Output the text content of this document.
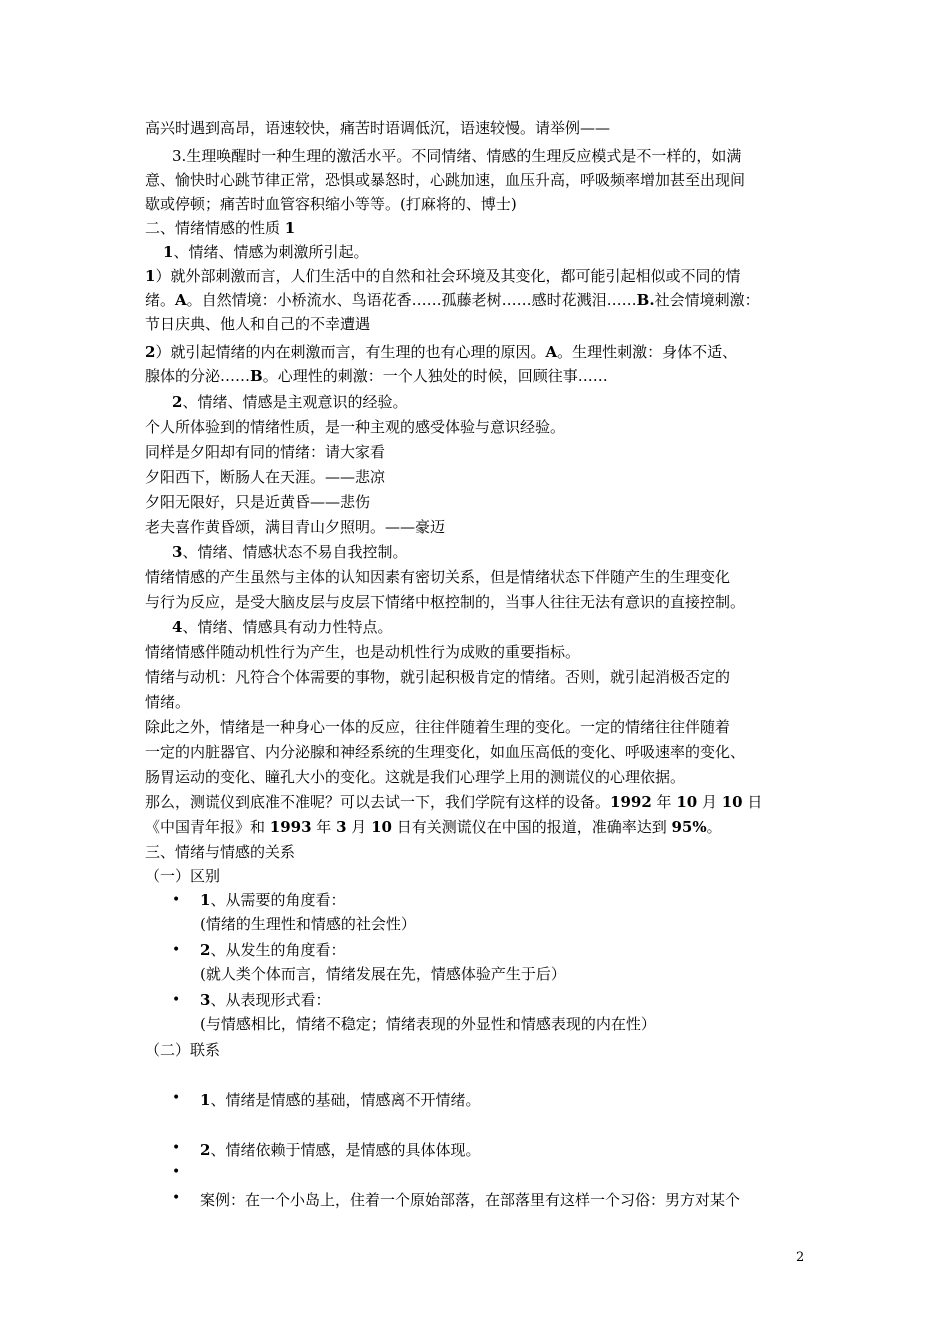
高兴时遇到高昂，语速较快，痛苦时语调低沉，语速较慢。请举例——
3.生理唤醒时一种生理的激活水平。不同情绪、情感的生理反应模式是不一样的，如满
意、愉快时心跳节律正常，恐惧或暴怒时，心跳加速，血压升高，呼吸频率增加甚至出现间
歇或停顿；痛苦时血管容积缩小等等。(打麻将的、博士)
二、情绪情感的性质 1
1、情绪、情感为刺激所引起。
1）就外部刺激而言，人们生活中的自然和社会环境及其变化，都可能引起相似或不同的情
绪。A。自然情境：小桥流水、鸟语花香……孤藤老树……感时花溅泪……B.社会情境刺激：
节日庆典、他人和自己的不幸遭遇
2）就引起情绪的内在刺激而言，有生理的也有心理的原因。A。生理性刺激：身体不适、
腺体的分泌……B。心理性的刺激：一个人独处的时候，回顾往事……
2、情绪、情感是主观意识的经验。
个人所体验到的情绪性质，是一种主观的感受体验与意识经验。
同样是夕阳却有同的情绪：请大家看
夕阳西下，断肠人在天涯。——悲凉
夕阳无限好，只是近黄昏——悲伤
老夫喜作黄昏颂，满目青山夕照明。——豪迈
3、情绪、情感状态不易自我控制。
情绪情感的产生虽然与主体的认知因素有密切关系，但是情绪状态下伴随产生的生理变化
与行为反应，是受大脑皮层与皮层下情绪中枢控制的，当事人往往无法有意识的直接控制。
4、情绪、情感具有动力性特点。
情绪情感伴随动机性行为产生，也是动机性行为成败的重要指标。
情绪与动机：凡符合个体需要的事物，就引起积极肯定的情绪。否则，就引起消极否定的
情绪。
除此之外，情绪是一种身心一体的反应，往往伴随着生理的变化。一定的情绪往往伴随着
一定的内脏器官、内分泌腺和神经系统的生理变化，如血压高低的变化、呼吸速率的变化、
肠胃运动的变化、瞳孔大小的变化。这就是我们心理学上用的测谎仪的心理依据。
那么，测谎仪到底准不准呢？可以去试一下，我们学院有这样的设备。1992 年 10 月 10 日
《中国青年报》和 1993 年 3 月 10 日有关测谎仪在中国的报道，准确率达到 95%。
三、情绪与情感的关系
（一）区别
• 1、从需要的角度看：
(情绪的生理性和情感的社会性）
• 2、从发生的角度看：
(就人类个体而言，情绪发展在先，情感体验产生于后）
• 3、从表现形式看：
(与情感相比，情绪不稳定；情绪表现的外显性和情感表现的内在性）
（二）联系
• 1、情绪是情感的基础，情感离不开情绪。
• 2、情绪依赖于情感，是情感的具体体现。
•
• 案例：在一个小岛上，住着一个原始部落，在部落里有这样一个习俗：男方对某个
2
